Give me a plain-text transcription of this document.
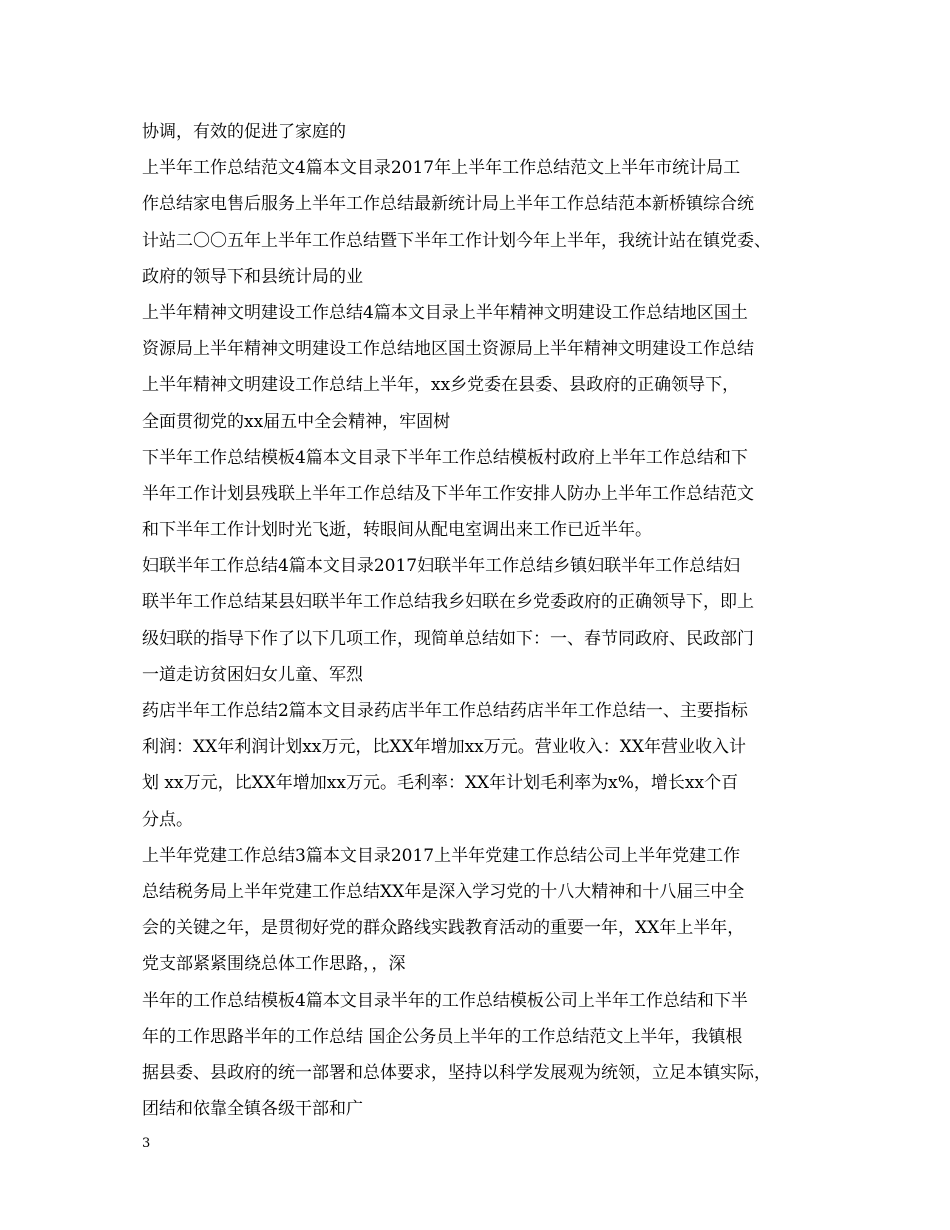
协调，有效的促进了家庭的
上半年工作总结范文4篇本文目录2017年上半年工作总结范文上半年市统计局工
作总结家电售后服务上半年工作总结最新统计局上半年工作总结范本新桥镇综合统
计站二〇〇五年上半年工作总结暨下半年工作计划今年上半年，我统计站在镇党委、
政府的领导下和县统计局的业
上半年精神文明建设工作总结4篇本文目录上半年精神文明建设工作总结地区国土
资源局上半年精神文明建设工作总结地区国土资源局上半年精神文明建设工作总结
上半年精神文明建设工作总结上半年，xx乡党委在县委、县政府的正确领导下，
全面贯彻党的xx届五中全会精神，牢固树
下半年工作总结模板4篇本文目录下半年工作总结模板村政府上半年工作总结和下
半年工作计划县残联上半年工作总结及下半年工作安排人防办上半年工作总结范文
和下半年工作计划时光飞逝，转眼间从配电室调出来工作已近半年。
妇联半年工作总结4篇本文目录2017妇联半年工作总结乡镇妇联半年工作总结妇
联半年工作总结某县妇联半年工作总结我乡妇联在乡党委政府的正确领导下，即上
级妇联的指导下作了以下几项工作，现简单总结如下：一、春节同政府、民政部门
一道走访贫困妇女儿童、军烈
药店半年工作总结2篇本文目录药店半年工作总结药店半年工作总结一、主要指标
利润：XX年利润计划xx万元，比XX年增加xx万元。营业收入：XX年营业收入计
划 xx万元，比XX年增加xx万元。毛利率：XX年计划毛利率为x%，增长xx个百
分点。
上半年党建工作总结3篇本文目录2017上半年党建工作总结公司上半年党建工作
总结税务局上半年党建工作总结XX年是深入学习党的十八大精神和十八届三中全
会的关键之年，是贯彻好党的群众路线实践教育活动的重要一年，XX年上半年，
党支部紧紧围绕总体工作思路，，深
半年的工作总结模板4篇本文目录半年的工作总结模板公司上半年工作总结和下半
年的工作思路半年的工作总结 国企公务员上半年的工作总结范文上半年，我镇根
据县委、县政府的统一部署和总体要求，坚持以科学发展观为统领，立足本镇实际，
团结和依靠全镇各级干部和广
3
